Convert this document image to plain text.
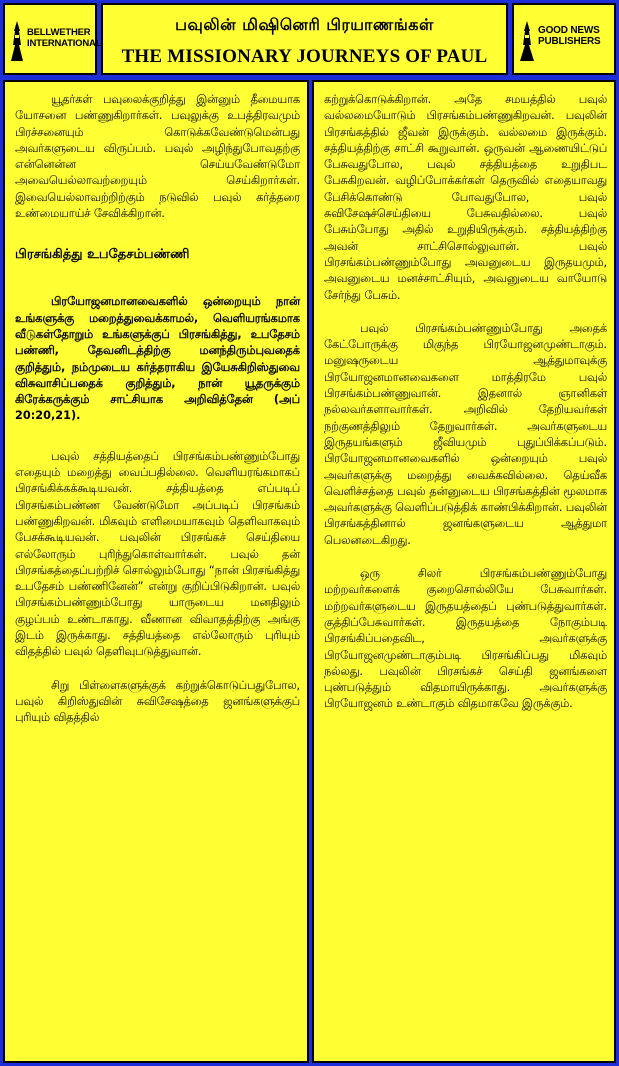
BELLWETHER
INTERNATIONAL
பவுலின் மிஷினெரி பிரயாணங்கள்
THE MISSIONARY JOURNEYS OF PAUL
GOOD NEWS
PUBLISHERS

யூதர்கள் பவுலைக்குறித்து இன்னும் தீமையாக யோசனை பண்ணுகிறார்கள். பவுலுக்கு உபத்திரவமும் பிரச்சனையும் கொடுக்கவேண்டுமென்பது அவர்களுடைய விருப்பம். பவுல் அழிந்துபோவதற்கு என்னென்ன செய்யவேண்டுமோ அவையெல்லாவற்றையும் செய்கிறார்கள். இவையெல்லாவற்றிற்கும் நடுவில் பவுல் கர்த்தரை உண்மையாய்ச் சேவிக்கிறான்.

பிரசங்கித்து உபதேசம்பண்ணி

பிரயோஜனமானவைகளில் ஒன்றையும் நான் உங்களுக்கு மறைத்துவைக்காமல், வெளியரங்கமாக வீடுகள்தோறும் உங்களுக்குப் பிரசங்கித்து, உபதேசம் பண்ணி, தேவனிடத்திற்கு மனந்திரும்புவதைக் குறித்தும், நம்முடைய கர்த்தராகிய இயேசுகிறிஸ்துவை விசுவாசிப்பதைக் குறித்தும், நான் யூதருக்கும் கிரேக்கருக்கும் சாட்சியாக அறிவித்தேன் (அப் 20:20,21).

பவுல் சத்தியத்தைப் பிரசங்கம்பண்ணும்போது எதையும் மறைத்து வைப்பதில்லை. வெளியரங்கமாகப் பிரசங்கிக்கக்கூடியவன். சத்தியத்தை எப்படிப் பிரசங்கம்பண்ண வேண்டுமோ அப்படிப் பிரசங்கம் பண்ணுகிறவன். மிகவும் எளிமையாகவும் தெளிவாகவும் பேசக்கூடியவன். பவுலின் பிரசங்கச் செய்தியை எல்லோரும் புரிந்துகொள்வார்கள். பவுல் தன் பிரசங்கத்தைப்பற்றிச் சொல்லும்போது “நான் பிரசங்கித்து உபதேசம் பண்ணினேன்” என்று குறிப்பிடுகிறான். பவுல் பிரசங்கம்பண்ணும்போது யாருடைய மனதிலும் குழப்பம் உண்டாகாது. வீணான விவாதத்திற்கு அங்கு இடம் இருக்காது. சத்தியத்தை எல்லோரும் புரியும் விதத்தில் பவுல் தெளிவுபடுத்துவான்.

சிறு பிள்ளைகளுக்குக் கற்றுக்கொடுப்பதுபோல, பவுல் கிறிஸ்துவின் சுவிசேஷத்தை ஜனங்களுக்குப் புரியும் விதத்தில்

கற்றுக்கொடுக்கிறான். அதே சமயத்தில் பவுல் வல்லமையோடும் பிரசங்கம்பண்ணுகிறவன். பவுலின் பிரசங்கத்தில் ஜீவன் இருக்கும். வல்லமை இருக்கும். சத்தியத்திற்கு சாட்சி கூறுவான். ஒருவன் ஆணையிட்டுப் பேசுவதுபோல, பவுல் சத்தியத்தை உறுதிபட பேசுகிறவன். வழிப்போக்கர்கள் தெருவில் எதையாவது பேசிக்கொண்டு போவதுபோல, பவுல் சுவிசேஷச்செய்தியை பேசுவதில்லை. பவுல் பேசும்போது அதில் உறுதியிருக்கும். சத்தியத்திற்கு அவன் சாட்சிசொல்லுவான். பவுல் பிரசங்கம்பண்ணும்போது அவனுடைய இருதயமும், அவனுடைய மனச்சாட்சியும், அவனுடைய வாயோடு சேர்ந்து பேசும்.

பவுல் பிரசங்கம்பண்ணும்போது அதைக் கேட்போருக்கு மிகுந்த பிரயோஜனமுண்டாகும். மனுஷருடைய ஆத்துமாவுக்கு பிரயோஜனமானவைகளை மாத்திரமே பவுல் பிரசங்கம்பண்ணுவான். இதனால் ஞானிகள் நல்லவர்களாவார்கள். அறிவில் தேறியவர்கள் நற்குணத்திலும் தேறுவார்கள். அவர்களுடைய இருதயங்களும் ஜீவியமும் புதுப்பிக்கப்படும். பிரயோஜனமானவைகளில் ஒன்றையும் பவுல் அவர்களுக்கு மறைத்து வைக்கவில்லை. தெய்வீக வெளிச்சத்தை பவுல் தன்னுடைய பிரசங்கத்தின் மூலமாக அவர்களுக்கு வெளிப்படுத்திக் காண்பிக்கிறான். பவுலின் பிரசங்கத்தினால் ஜனங்களுடைய ஆத்துமா பெலனடைகிறது.

ஒரு சிலர் பிரசங்கம்பண்ணும்போது மற்றவர்களைக் குறைசொல்லியே பேசுவார்கள். மற்றவர்களுடைய இருதயத்தைப் புண்படுத்துவார்கள். குத்திப்பேசுவார்கள். இருதயத்தை நோகும்படி பிரசங்கிப்பதைவிட, அவர்களுக்கு பிரயோஜனமுண்டாகும்படி பிரசங்கிப்பது மிகவும் நல்லது. பவுலின் பிரசங்கச் செய்தி ஜனங்களை புண்படுத்தும் விதமாயிருக்காது. அவர்களுக்கு பிரயோஜனம் உண்டாகும் விதமாகவே இருக்கும்.
